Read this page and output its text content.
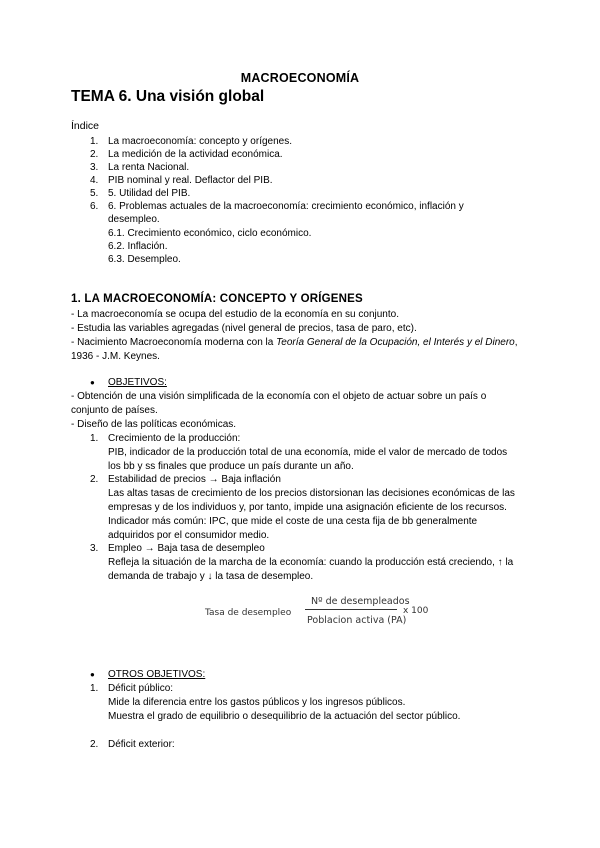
MACROECONOMÍA
TEMA 6. Una visión global
Índice
1. La macroeconomía: concepto y orígenes.
2. La medición de la actividad económica.
3. La renta Nacional.
4. PIB nominal y real. Deflactor del PIB.
5. 5. Utilidad del PIB.
6. 6. Problemas actuales de la macroeconomía: crecimiento económico, inflación y
desempleo.
6.1. Crecimiento económico, ciclo económico.
6.2. Inflación.
6.3. Desempleo.
1. LA MACROECONOMÍA: CONCEPTO Y ORÍGENES
- La macroeconomía se ocupa del estudio de la economía en su conjunto.
- Estudia las variables agregadas (nivel general de precios, tasa de paro, etc).
- Nacimiento Macroeconomía moderna con la Teoría General de la Ocupación, el Interés y el Dinero,
1936 - J.M. Keynes.
● OBJETIVOS:
- Obtención de una visión simplificada de la economía con el objeto de actuar sobre un país o
conjunto de países.
- Diseño de las políticas económicas.
1. Crecimiento de la producción:
PIB, indicador de la producción total de una economía, mide el valor de mercado de todos
los bb y ss finales que produce un país durante un año.
2. Estabilidad de precios → Baja inflación
Las altas tasas de crecimiento de los precios distorsionan las decisiones económicas de las
empresas y de los individuos y, por tanto, impide una asignación eficiente de los recursos.
Indicador más común: IPC, que mide el coste de una cesta fija de bb generalmente
adquiridos por el consumidor medio.
3. Empleo → Baja tasa de desempleo
Refleja la situación de la marcha de la economía: cuando la producción está creciendo, ↑ la
demanda de trabajo y ↓ la tasa de desempleo.
Tasa de desempleo
Nº de desempleados
Poblacion activa (PA)
x 100
● OTROS OBJETIVOS:
1. Déficit público:
Mide la diferencia entre los gastos públicos y los ingresos públicos.
Muestra el grado de equilibrio o desequilibrio de la actuación del sector público.
2. Déficit exterior:
